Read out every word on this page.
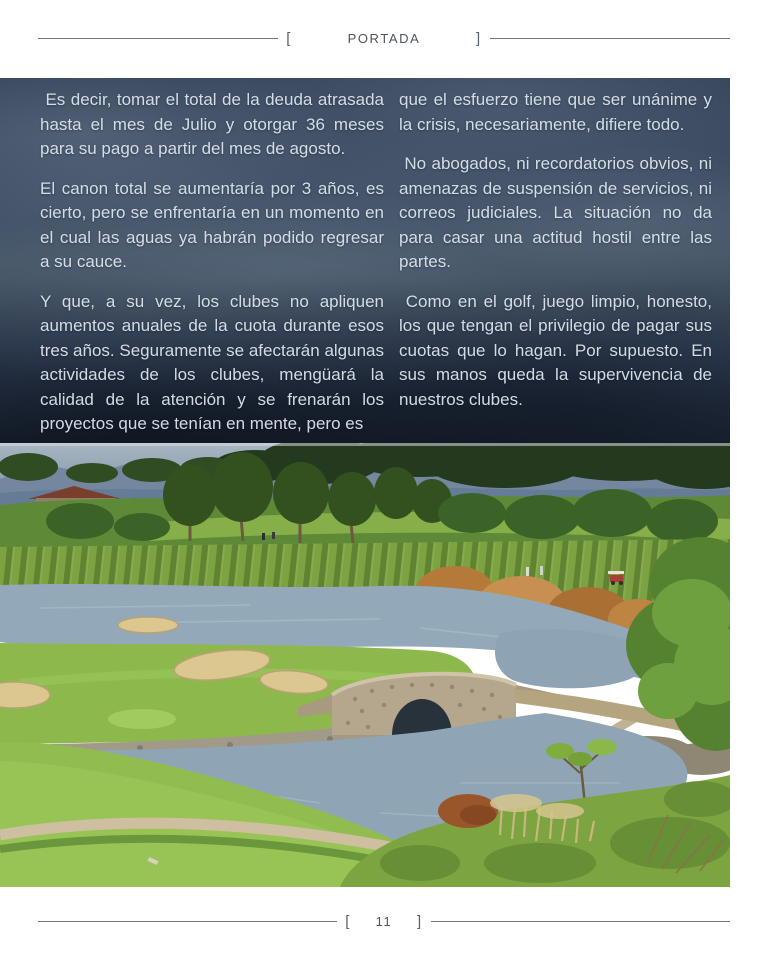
[	PORTADA	]

Es decir, tomar el total de la deuda atrasada hasta el mes de Julio y otorgar 36 meses para su pago a partir del mes de agosto.

El canon total se aumentaría por 3 años, es cierto, pero se enfrentaría en un momento en el cual las aguas ya habrán podido regresar a su cauce.

Y que, a su vez, los clubes no apliquen aumentos anuales de la cuota durante esos tres años. Seguramente se afectarán algunas actividades de los clubes, mengüará la calidad de la atención y se frenarán los proyectos que se tenían en mente, pero es

que el esfuerzo tiene que ser unánime y la crisis, necesariamente, difiere todo.

No abogados, ni recordatorios obvios, ni amenazas de suspensión de servicios, ni correos judiciales. La situación no da para casar una actitud hostil entre las partes.

Como en el golf, juego limpio, honesto, los que tengan el privilegio de pagar sus cuotas que lo hagan. Por supuesto. En sus manos queda la supervivencia de nuestros clubes.

[	11	]
